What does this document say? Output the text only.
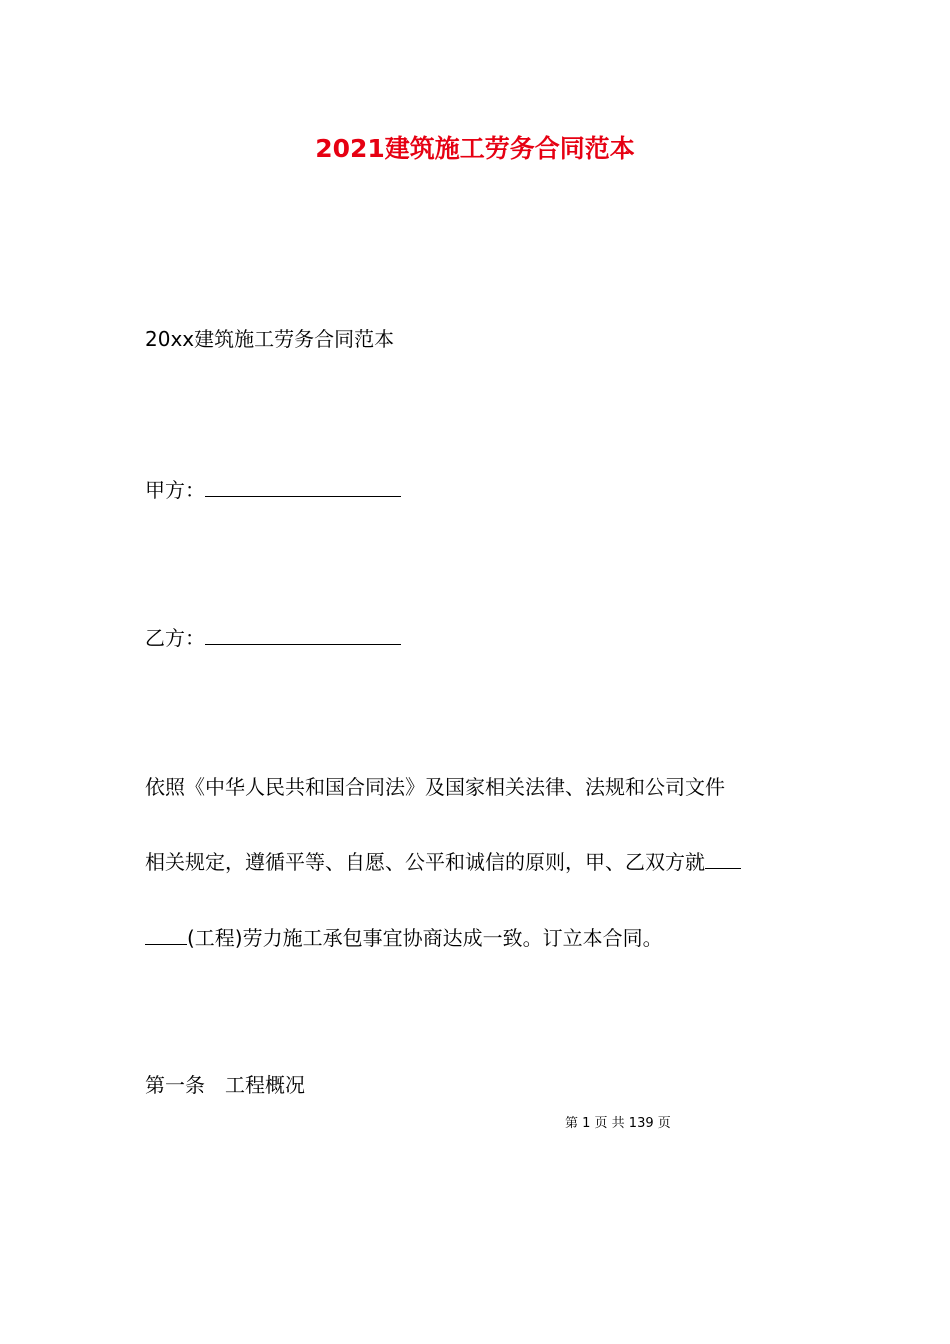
2021建筑施工劳务合同范本
20xx建筑施工劳务合同范本
甲方：
乙方：
依照《中华人民共和国合同法》及国家相关法律、法规和公司文件
相关规定，遵循平等、自愿、公平和诚信的原则，甲、乙双方就
(工程)劳力施工承包事宜协商达成一致。订立本合同。
第一条　工程概况
第 1 页 共 139 页
